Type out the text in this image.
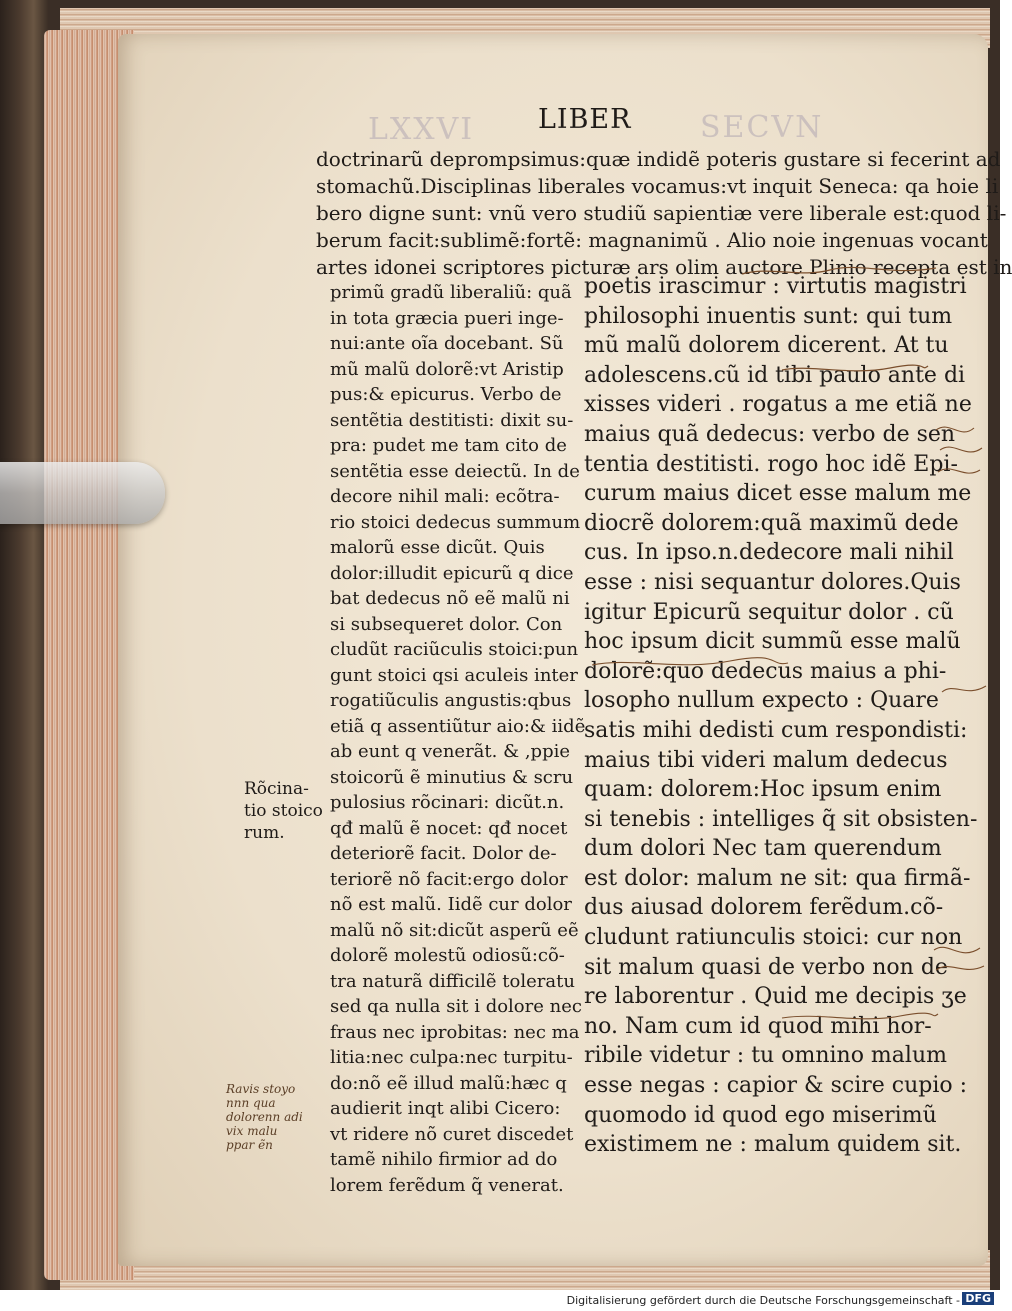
LXXVI	SECVN
LIBER
doctrinarũ deprompsimus:quæ indidẽ poteris gustare si fecerint ad
stomachũ.Disciplinas liberales vocamus:vt inquit Seneca: qa hoie li
bero digne sunt: vnũ vero studiũ sapientiæ vere liberale est:quod li-
berum facit:sublimẽ:fortẽ: magnanimũ . Alio noie ingenuas vocant
artes idonei scriptores picturæ ars olim auctore Plinio recepta est in
primũ gradũ liberaliũ: quã
in tota græcia pueri inge-
nui:ante oĩa docebant. Sũ
mũ malũ dolorẽ:vt Aristip
pus:& epicurus. Verbo de
sentẽtia destitisti: dixit su-
pra: pudet me tam cito de
sentẽtia esse deiectũ. In de
decore nihil mali: ecõtra-
rio stoici dedecus summum
malorũ esse dicũt. Quis
dolor:illudit epicurũ q dice
bat dedecus nõ eẽ malũ ni
si subsequeret dolor. Con
cludũt raciũculis stoici:pun
gunt stoici qsi aculeis inter
rogatiũculis angustis:qbus
etiã q assentiũtur aio:& iidẽ
ab eunt q venerãt. & ,ppie
stoicorũ ẽ minutius & scru
pulosius rõcinari: dicũt.n.
qđ malũ ẽ nocet: qđ nocet
deteriorẽ facit. Dolor de-
teriorẽ nõ facit:ergo dolor
nõ est malũ. Iidẽ cur dolor
malũ nõ sit:dicũt asperũ eẽ
dolorẽ molestũ odiosũ:cõ-
tra naturã difficilẽ toleratu
sed qa nulla sit i dolore nec
fraus nec iprobitas: nec ma
litia:nec culpa:nec turpitu-
do:nõ eẽ illud malũ:hæc q
audierit inqt alibi Cicero:
vt ridere nõ curet discedet
tamẽ nihilo firmior ad do
lorem ferẽdum q̃ venerat.
poetis irascimur : virtutis magistri
philosophi inuentis sunt: qui tum
mũ malũ dolorem dicerent. At tu
adolescens.cũ id tibi paulo ante di
xisses videri . rogatus a me etiã ne
maius quã dedecus: verbo de sen
tentia destitisti. rogo hoc idẽ Epi-
curum maius dicet esse malum me
diocrẽ dolorem:quã maximũ dede
cus. In ipso.n.dedecore mali nihil
esse : nisi sequantur dolores.Quis
igitur Epicurũ sequitur dolor . cũ
hoc ipsum dicit summũ esse malũ
dolorẽ:quo dedecus maius a phi-
losopho nullum expecto : Quare
satis mihi dedisti cum respondisti:
maius tibi videri malum dedecus
quam: dolorem:Hoc ipsum enim
si tenebis : intelliges q̃ sit obsisten-
dum dolori Nec tam querendum
est dolor: malum ne sit: qua firmã-
dus aiusad dolorem ferẽdum.cõ-
cludunt ratiunculis stoici: cur non
sit malum quasi de verbo non de
re laborentur . Quid me decipis ʒe
no. Nam cum id quod mihi hor-
ribile videtur : tu omnino malum
esse negas : capior & scire cupio :
quomodo id quod ego miserimũ
existimem ne : malum quidem sit.
Rõcina-
tio stoico
rum.
Ravis stoyo
nnn qua
dolorenn adi
vix malu
ppar ẽn
Digitalisierung gefördert durch die Deutsche Forschungsgemeinschaft - DFG
